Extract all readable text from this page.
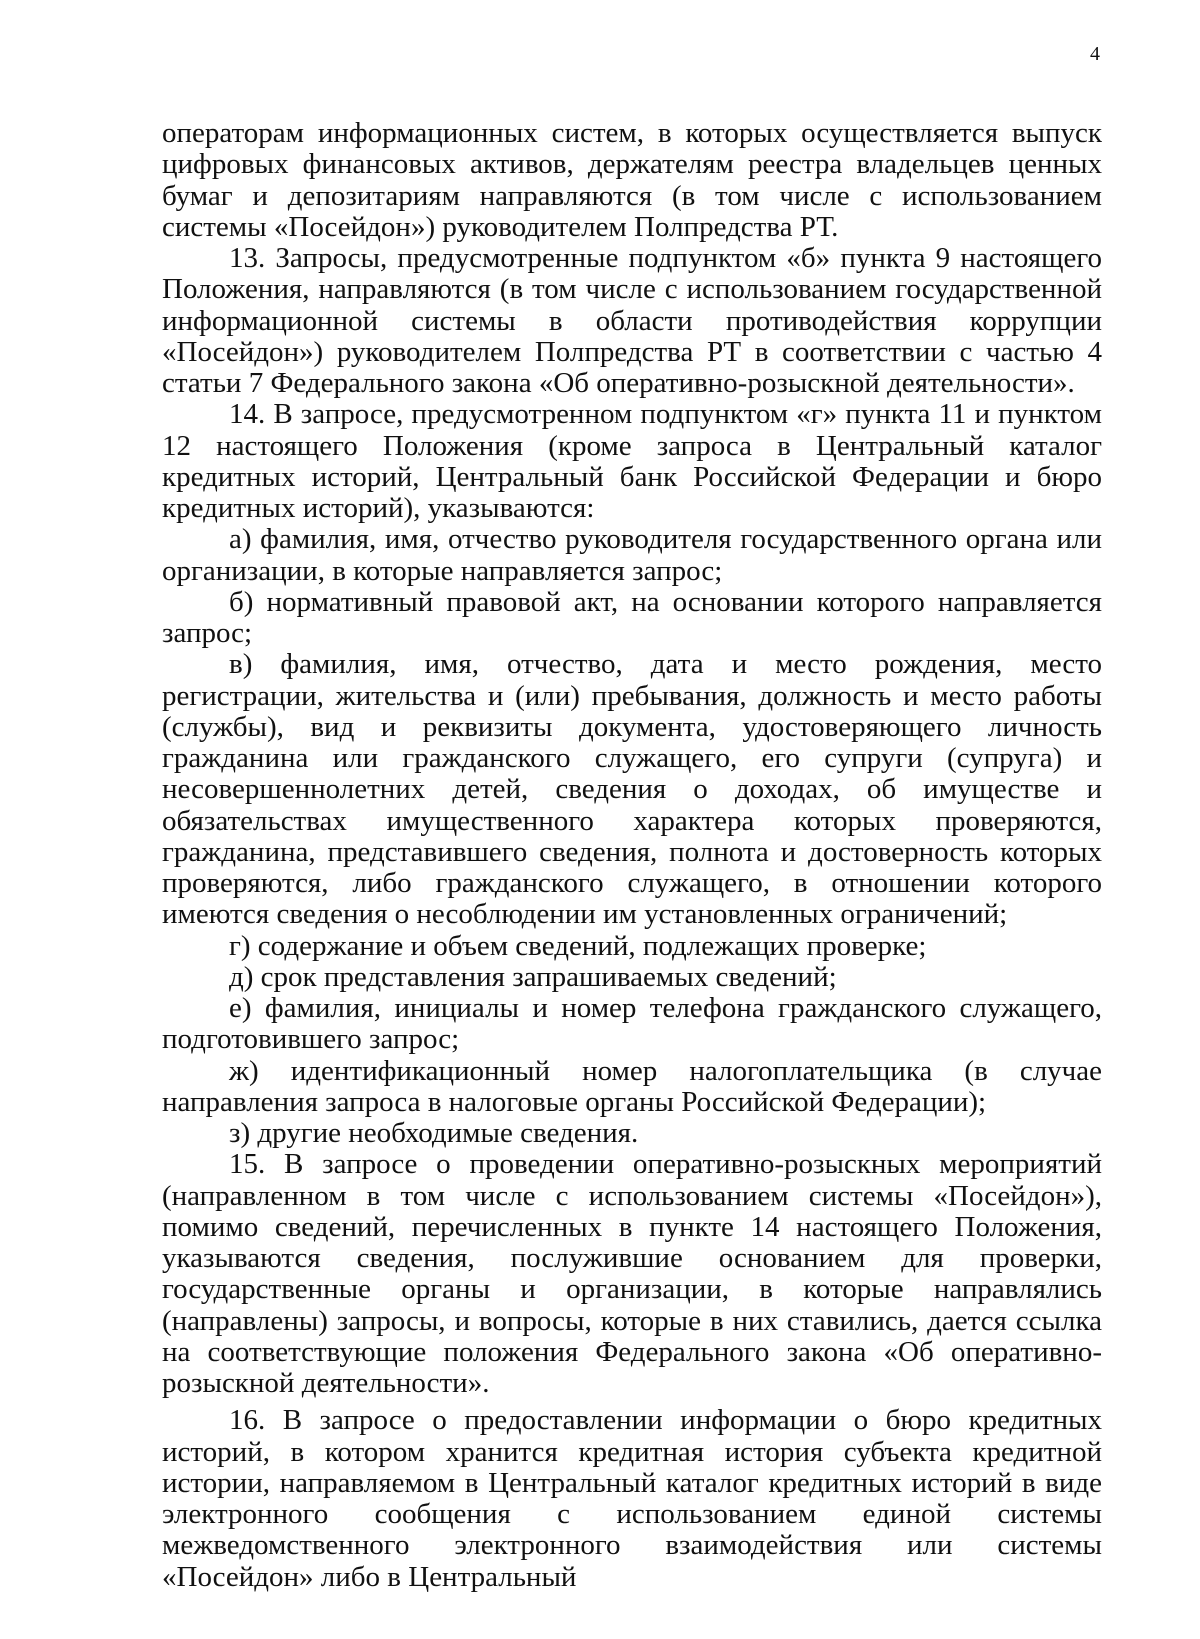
4

операторам информационных систем, в которых осуществляется выпуск цифровых финансовых активов, держателям реестра владельцев ценных бумаг и депозитариям направляются (в том числе с использованием системы «Посейдон») руководителем Полпредства РТ.

13. Запросы, предусмотренные подпунктом «б» пункта 9 настоящего Положения, направляются (в том числе с использованием государственной информационной системы в области противодействия коррупции «Посейдон») руководителем Полпредства РТ в соответствии с частью 4 статьи 7 Федерального закона «Об оперативно-розыскной деятельности».

14. В запросе, предусмотренном подпунктом «г» пункта 11 и пунктом 12 настоящего Положения (кроме запроса в Центральный каталог кредитных историй, Центральный банк Российской Федерации и бюро кредитных историй), указываются:

а) фамилия, имя, отчество руководителя государственного органа или организации, в которые направляется запрос;

б) нормативный правовой акт, на основании которого направляется запрос;

в) фамилия, имя, отчество, дата и место рождения, место регистрации, жительства и (или) пребывания, должность и место работы (службы), вид и реквизиты документа, удостоверяющего личность гражданина или гражданского служащего, его супруги (супруга) и несовершеннолетних детей, сведения о доходах, об имуществе и обязательствах имущественного характера которых проверяются, гражданина, представившего сведения, полнота и достоверность которых проверяются, либо гражданского служащего, в отношении которого имеются сведения о несоблюдении им установленных ограничений;

г) содержание и объем сведений, подлежащих проверке;

д) срок представления запрашиваемых сведений;

е) фамилия, инициалы и номер телефона гражданского служащего, подготовившего запрос;

ж) идентификационный номер налогоплательщика (в случае направления запроса в налоговые органы Российской Федерации);

з) другие необходимые сведения.

15. В запросе о проведении оперативно-розыскных мероприятий (направленном в том числе с использованием системы «Посейдон»), помимо сведений, перечисленных в пункте 14 настоящего Положения, указываются сведения, послужившие основанием для проверки, государственные органы и организации, в которые направлялись (направлены) запросы, и вопросы, которые в них ставились, дается ссылка на соответствующие положения Федерального закона «Об оперативно-розыскной деятельности».

16. В запросе о предоставлении информации о бюро кредитных историй, в котором хранится кредитная история субъекта кредитной истории, направляемом в Центральный каталог кредитных историй в виде электронного сообщения с использованием единой системы межведомственного электронного взаимодействия или системы «Посейдон» либо в Центральный
